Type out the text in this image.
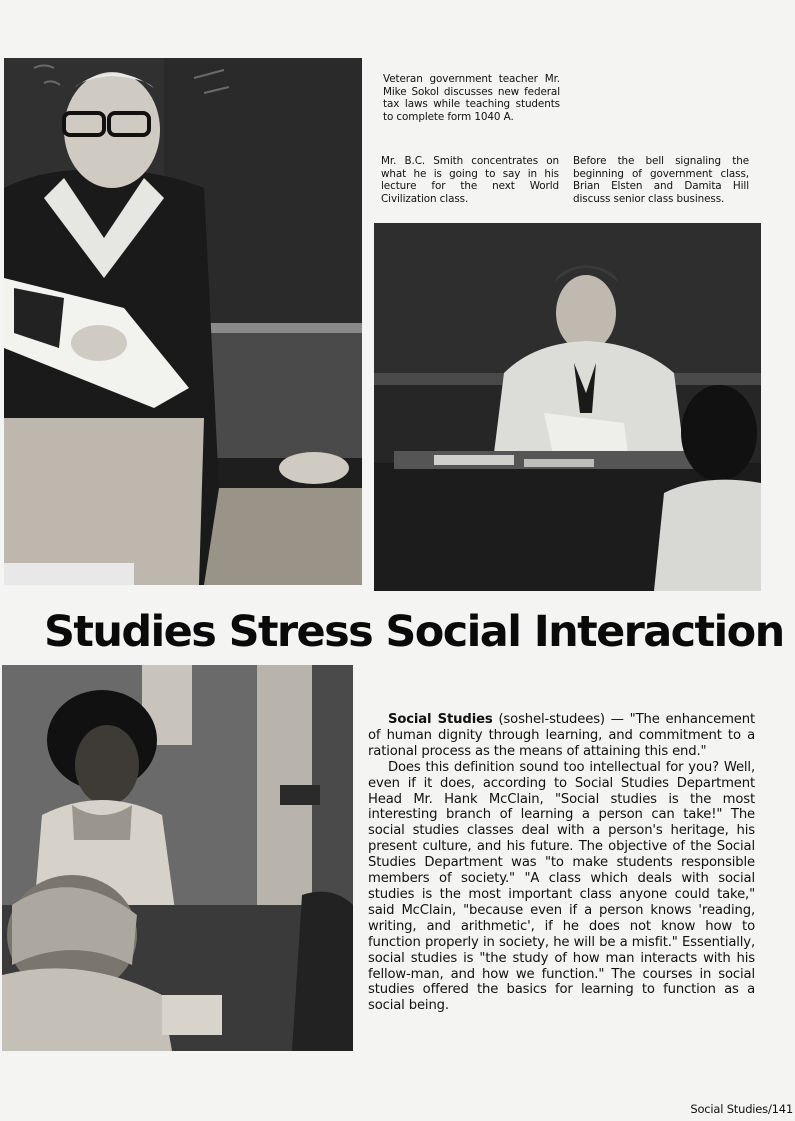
Veteran government teacher Mr. Mike Sokol discusses new federal tax laws while teaching students to complete form 1040 A.
Mr. B.C. Smith concentrates on what he is going to say in his lecture for the next World Civilization class.
Before the bell signaling the beginning of government class, Brian Elsten and Damita Hill discuss senior class business.
Studies Stress Social Interaction

Social Studies (soshel-studees) — "The enhancement of human dignity through learning, and commitment to a rational process as the means of attaining this end."

Does this definition sound too intellectual for you? Well, even if it does, according to Social Studies Department Head Mr. Hank McClain, "Social studies is the most interesting branch of learning a person can take!" The social studies classes deal with a person's heritage, his present culture, and his future. The objective of the Social Studies Department was "to make students responsible members of society." "A class which deals with social studies is the most important class anyone could take," said McClain, "because even if a person knows 'reading, writing, and arithmetic', if he does not know how to function properly in society, he will be a misfit." Essentially, social studies is "the study of how man interacts with his fellow-man, and how we function." The courses in social studies offered the basics for learning to function as a social being.

Social Studies/141
